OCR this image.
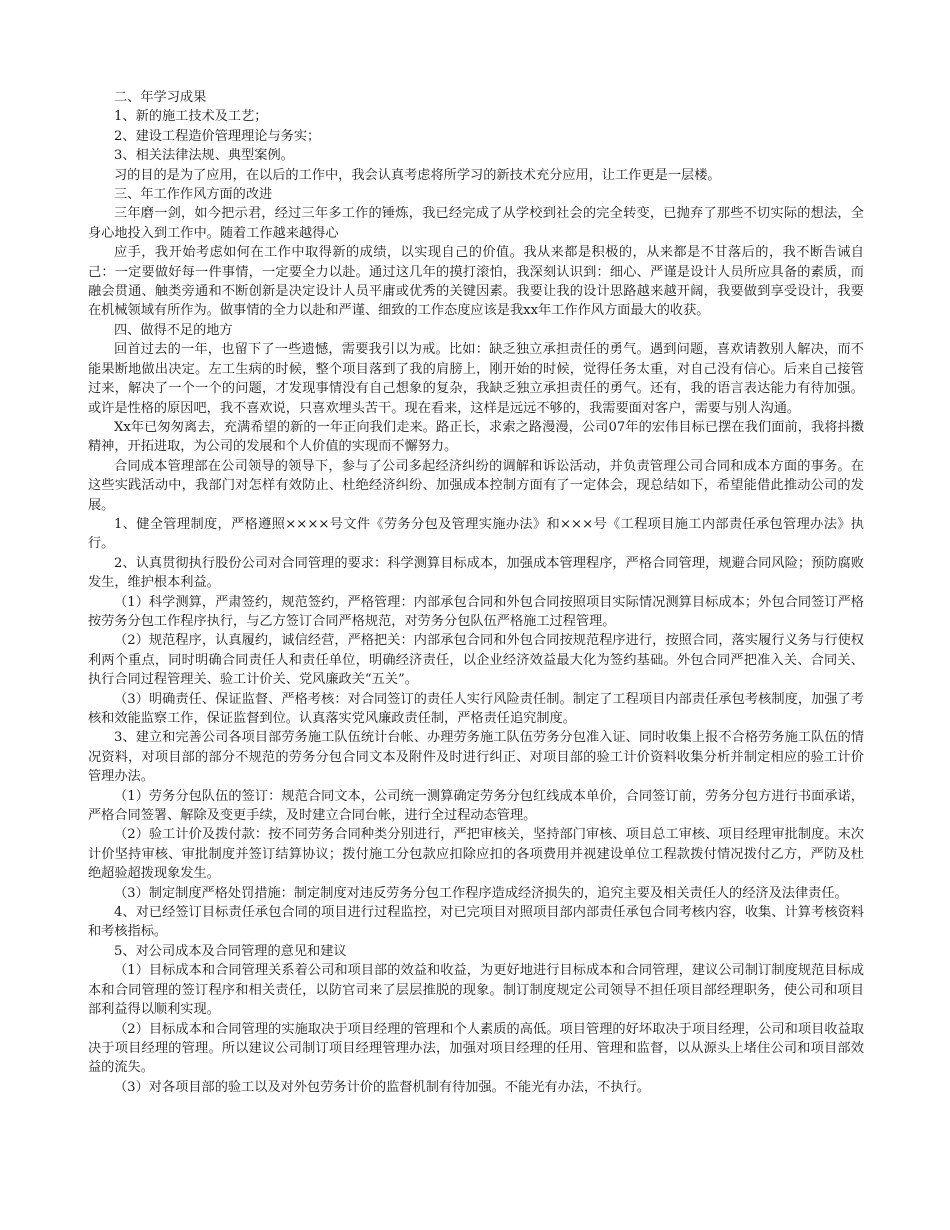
二、年学习成果

1、新的施工技术及工艺；

2、建设工程造价管理理论与务实；

3、相关法律法规、典型案例。

习的目的是为了应用，在以后的工作中，我会认真考虑将所学习的新技术充分应用，让工作更是一层楼。

三、年工作作风方面的改进

三年磨一剑，如今把示君，经过三年多工作的锤炼，我已经完成了从学校到社会的完全转变，已抛弃了那些不切实际的想法，全身心地投入到工作中。随着工作越来越得心

应手，我开始考虑如何在工作中取得新的成绩，以实现自己的价值。我从来都是积极的，从来都是不甘落后的，我不断告诫自己：一定要做好每一件事情，一定要全力以赴。通过这几年的摸打滚怕，我深刻认识到：细心、严谨是设计人员所应具备的素质，而融会贯通、触类旁通和不断创新是决定设计人员平庸或优秀的关键因素。我要让我的设计思路越来越开阔，我要做到享受设计，我要在机械领域有所作为。做事情的全力以赴和严谨、细致的工作态度应该是我xx年工作作风方面最大的收获。

四、做得不足的地方

回首过去的一年，也留下了一些遗憾，需要我引以为戒。比如：缺乏独立承担责任的勇气。遇到问题，喜欢请教别人解决，而不能果断地做出决定。左工生病的时候，整个项目落到了我的肩膀上，刚开始的时候，觉得任务太重，对自己没有信心。后来自己接管过来，解决了一个一个的问题，才发现事情没有自己想象的复杂，我缺乏独立承担责任的勇气。还有，我的语言表达能力有待加强。或许是性格的原因吧，我不喜欢说，只喜欢埋头苦干。现在看来，这样是远远不够的，我需要面对客户，需要与别人沟通。

Xx年已匆匆离去，充满希望的新的一年正向我们走来。路正长，求索之路漫漫，公司07年的宏伟目标已摆在我们面前，我将抖擞精神，开拓进取，为公司的发展和个人价值的实现而不懈努力。

合同成本管理部在公司领导的领导下，参与了公司多起经济纠纷的调解和诉讼活动，并负责管理公司合同和成本方面的事务。在这些实践活动中，我部门对怎样有效防止、杜绝经济纠纷、加强成本控制方面有了一定体会，现总结如下，希望能借此推动公司的发展。

1、健全管理制度，严格遵照××××号文件《劳务分包及管理实施办法》和×××号《工程项目施工内部责任承包管理办法》执行。

2、认真贯彻执行股份公司对合同管理的要求：科学测算目标成本，加强成本管理程序，严格合同管理，规避合同风险；预防腐败发生，维护根本利益。

（1）科学测算，严肃签约，规范签约，严格管理：内部承包合同和外包合同按照项目实际情况测算目标成本；外包合同签订严格按劳务分包工作程序执行，与乙方签订合同严格规范，对劳务分包队伍严格施工过程管理。

（2）规范程序，认真履约，诚信经营，严格把关：内部承包合同和外包合同按规范程序进行，按照合同，落实履行义务与行使权利两个重点，同时明确合同责任人和责任单位，明确经济责任，以企业经济效益最大化为签约基础。外包合同严把准入关、合同关、执行合同过程管理关、验工计价关、党风廉政关“五关”。

（3）明确责任、保证监督、严格考核：对合同签订的责任人实行风险责任制。制定了工程项目内部责任承包考核制度，加强了考核和效能监察工作，保证监督到位。认真落实党风廉政责任制，严格责任追究制度。

3、建立和完善公司各项目部劳务施工队伍统计台帐、办理劳务施工队伍劳务分包准入证、同时收集上报不合格劳务施工队伍的情况资料，对项目部的部分不规范的劳务分包合同文本及附件及时进行纠正、对项目部的验工计价资料收集分析并制定相应的验工计价管理办法。

（1）劳务分包队伍的签订：规范合同文本，公司统一测算确定劳务分包红线成本单价，合同签订前，劳务分包方进行书面承诺，严格合同签署、解除及变更手续，及时建立合同台帐，进行全过程动态管理。

（2）验工计价及拨付款：按不同劳务合同种类分别进行，严把审核关，坚持部门审核、项目总工审核、项目经理审批制度。末次计价坚持审核、审批制度并签订结算协议；拨付施工分包款应扣除应扣的各项费用并视建设单位工程款拨付情况拨付乙方，严防及杜绝超验超拨现象发生。

（3）制定制度严格处罚措施：制定制度对违反劳务分包工作程序造成经济损失的，追究主要及相关责任人的经济及法律责任。

4、对已经签订目标责任承包合同的项目进行过程监控，对已完项目对照项目部内部责任承包合同考核内容，收集、计算考核资料和考核指标。

5、对公司成本及合同管理的意见和建议

（1）目标成本和合同管理关系着公司和项目部的效益和收益，为更好地进行目标成本和合同管理，建议公司制订制度规范目标成本和合同管理的签订程序和相关责任，以防官司来了层层推脱的现象。制订制度规定公司领导不担任项目部经理职务，使公司和项目部利益得以顺利实现。

（2）目标成本和合同管理的实施取决于项目经理的管理和个人素质的高低。项目管理的好坏取决于项目经理，公司和项目收益取决于项目经理的管理。所以建议公司制订项目经理管理办法，加强对项目经理的任用、管理和监督，以从源头上堵住公司和项目部效益的流失。

（3）对各项目部的验工以及对外包劳务计价的监督机制有待加强。不能光有办法，不执行。
